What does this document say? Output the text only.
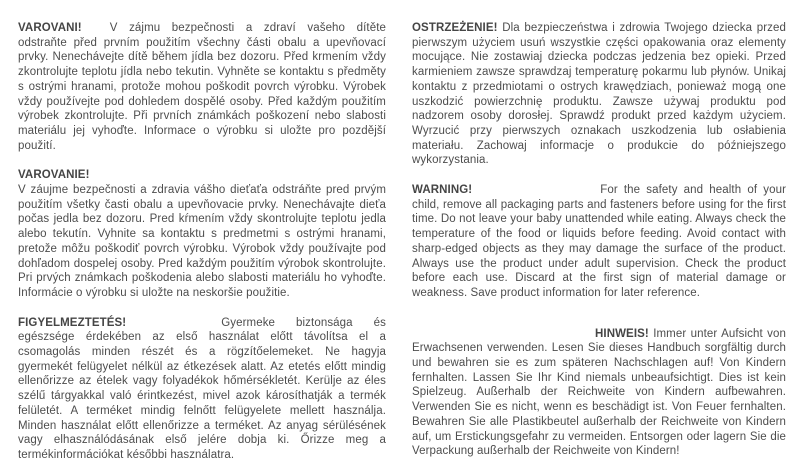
VAROVANI! V zájmu bezpečnosti a zdraví vašeho dítěte odstraňte před prvním použitím všechny části obalu a upevňovací prvky. Nenechávejte dítě během jídla bez dozoru. Před krmením vždy zkontrolujte teplotu jídla nebo tekutin. Vyhněte se kontaktu s předměty s ostrými hranami, protože mohou poškodit povrch výrobku. Výrobek vždy používejte pod dohledem dospělé osoby. Před každým použitím výrobek zkontrolujte. Při prvních známkách poškození nebo slabosti materiálu jej vyhoďte. Informace o výrobku si uložte pro pozdější použití.

VAROVANIE!
V záujme bezpečnosti a zdravia vášho dieťaťa odstráňte pred prvým použitím všetky časti obalu a upevňovacie prvky. Nenechávajte dieťa počas jedla bez dozoru. Pred kŕmením vždy skontrolujte teplotu jedla alebo tekutín. Vyhnite sa kontaktu s predmetmi s ostrými hranami, pretože môžu poškodiť povrch výrobku. Výrobok vždy používajte pod dohľadom dospelej osoby. Pred každým použitím výrobok skontrolujte. Pri prvých známkach poškodenia alebo slabosti materiálu ho vyhoďte. Informácie o výrobku si uložte na neskoršie použitie.

FIGYELMEZTETÉS!	Gyermeke biztonsága és egészsége érdekében az első használat előtt távolítsa el a csomagolás minden részét és a rögzítőelemeket. Ne hagyja gyermekét felügyelet nélkül az étkezések alatt. Az etetés előtt mindig ellenőrizze az ételek vagy folyadékok hőmérsékletét. Kerülje az éles szélű tárgyakkal való érintkezést, mivel azok károsíthatják a termék felületét. A terméket mindig felnőtt felügyelete mellett használja. Minden használat előtt ellenőrizze a terméket. Az anyag sérülésének vagy elhasználódásának első jelére dobja ki. Őrizze meg a termékinformációkat későbbi használatra.

OSTRZEŻENIE! Dla bezpieczeństwa i zdrowia Twojego dziecka przed pierwszym użyciem usuń wszystkie części opakowania oraz elementy mocujące. Nie zostawiaj dziecka podczas jedzenia bez opieki. Przed karmieniem zawsze sprawdzaj temperaturę pokarmu lub płynów. Unikaj kontaktu z przedmiotami o ostrych krawędziach, ponieważ mogą one uszkodzić powierzchnię produktu. Zawsze używaj produktu pod nadzorem osoby dorosłej. Sprawdź produkt przed każdym użyciem. Wyrzucić przy pierwszych oznakach uszkodzenia lub osłabienia materiału. Zachowaj informacje o produkcie do późniejszego wykorzystania.

WARNING!	For the safety and health of your child, remove all packaging parts and fasteners before using for the first time. Do not leave your baby unattended while eating. Always check the temperature of the food or liquids before feeding. Avoid contact with sharp-edged objects as they may damage the surface of the product. Always use the product under adult supervision. Check the product before each use. Discard at the first sign of material damage or weakness. Save product information for later reference.

HINWEIS! Immer unter Aufsicht von Erwachsenen verwenden. Lesen Sie dieses Handbuch sorgfältig durch und bewahren sie es zum späteren Nachschlagen auf! Von Kindern fernhalten. Lassen Sie Ihr Kind niemals unbeaufsichtigt. Dies ist kein Spielzeug. Außerhalb der Reichweite von Kindern aufbewahren. Verwenden Sie es nicht, wenn es beschädigt ist. Von Feuer fernhalten. Bewahren Sie alle Plastikbeutel außerhalb der Reichweite von Kindern auf, um Erstickungsgefahr zu vermeiden. Entsorgen oder lagern Sie die Verpackung außerhalb der Reichweite von Kindern!
